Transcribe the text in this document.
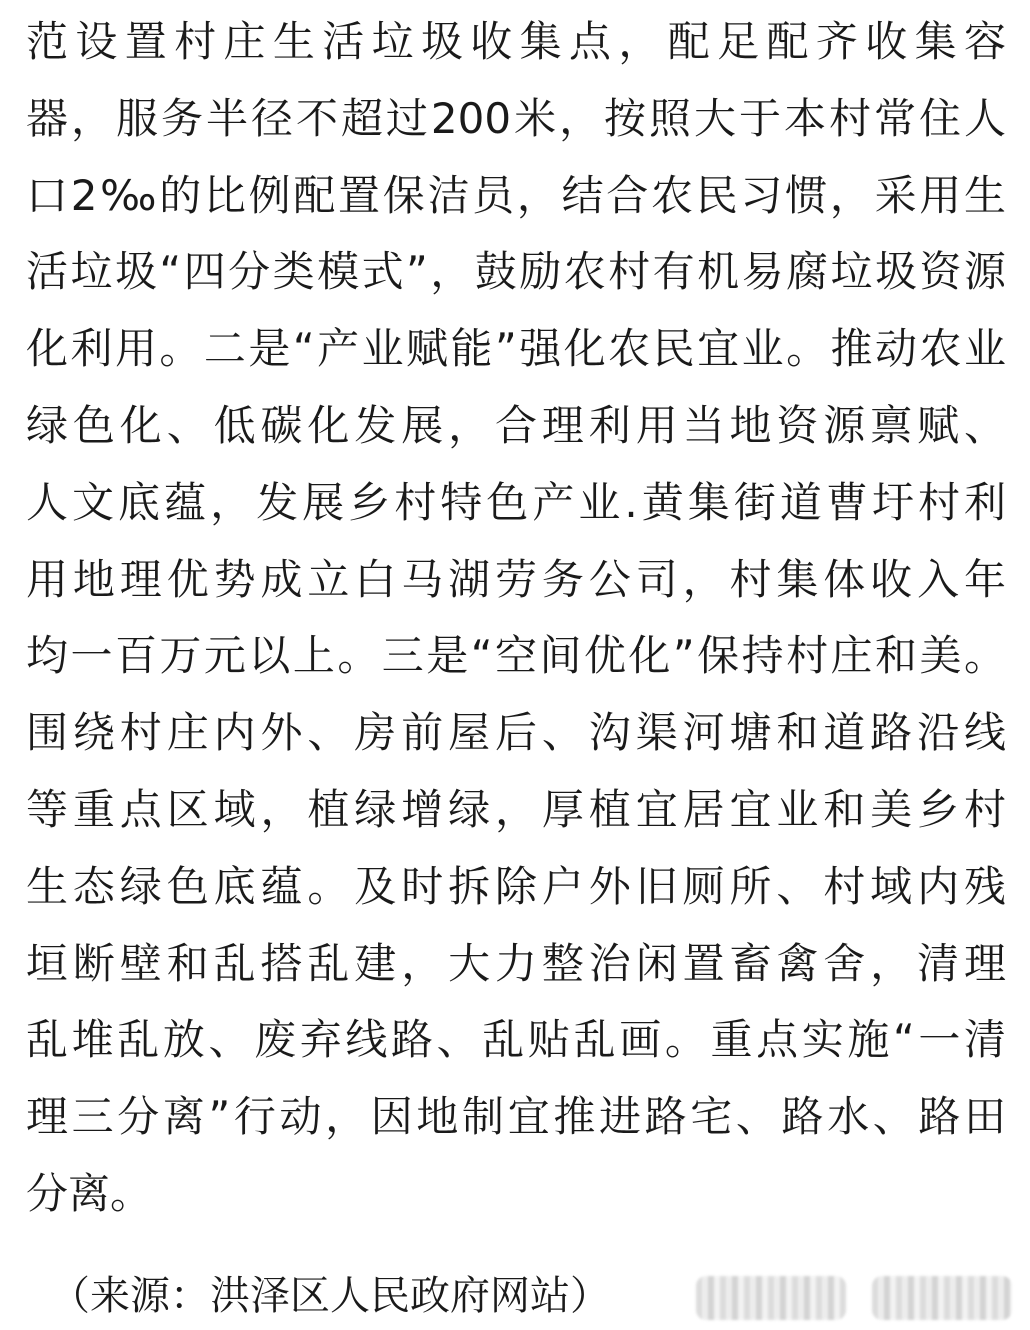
范设置村庄生活垃圾收集点，配足配齐收集容
器，服务半径不超过200米，按照大于本村常住人
口2‰的比例配置保洁员，结合农民习惯，采用生
活垃圾“四分类模式”，鼓励农村有机易腐垃圾资源
化利用。二是“产业赋能”强化农民宜业。推动农业
绿色化、低碳化发展，合理利用当地资源禀赋、
人文底蕴，发展乡村特色产业.黄集街道曹圩村利
用地理优势成立白马湖劳务公司，村集体收入年
均一百万元以上。三是“空间优化”保持村庄和美。
围绕村庄内外、房前屋后、沟渠河塘和道路沿线
等重点区域，植绿增绿，厚植宜居宜业和美乡村
生态绿色底蕴。及时拆除户外旧厕所、村域内残
垣断壁和乱搭乱建，大力整治闲置畜禽舍，清理
乱堆乱放、废弃线路、乱贴乱画。重点实施“一清
理三分离”行动，因地制宜推进路宅、路水、路田
分离。
（来源：洪泽区人民政府网站）
